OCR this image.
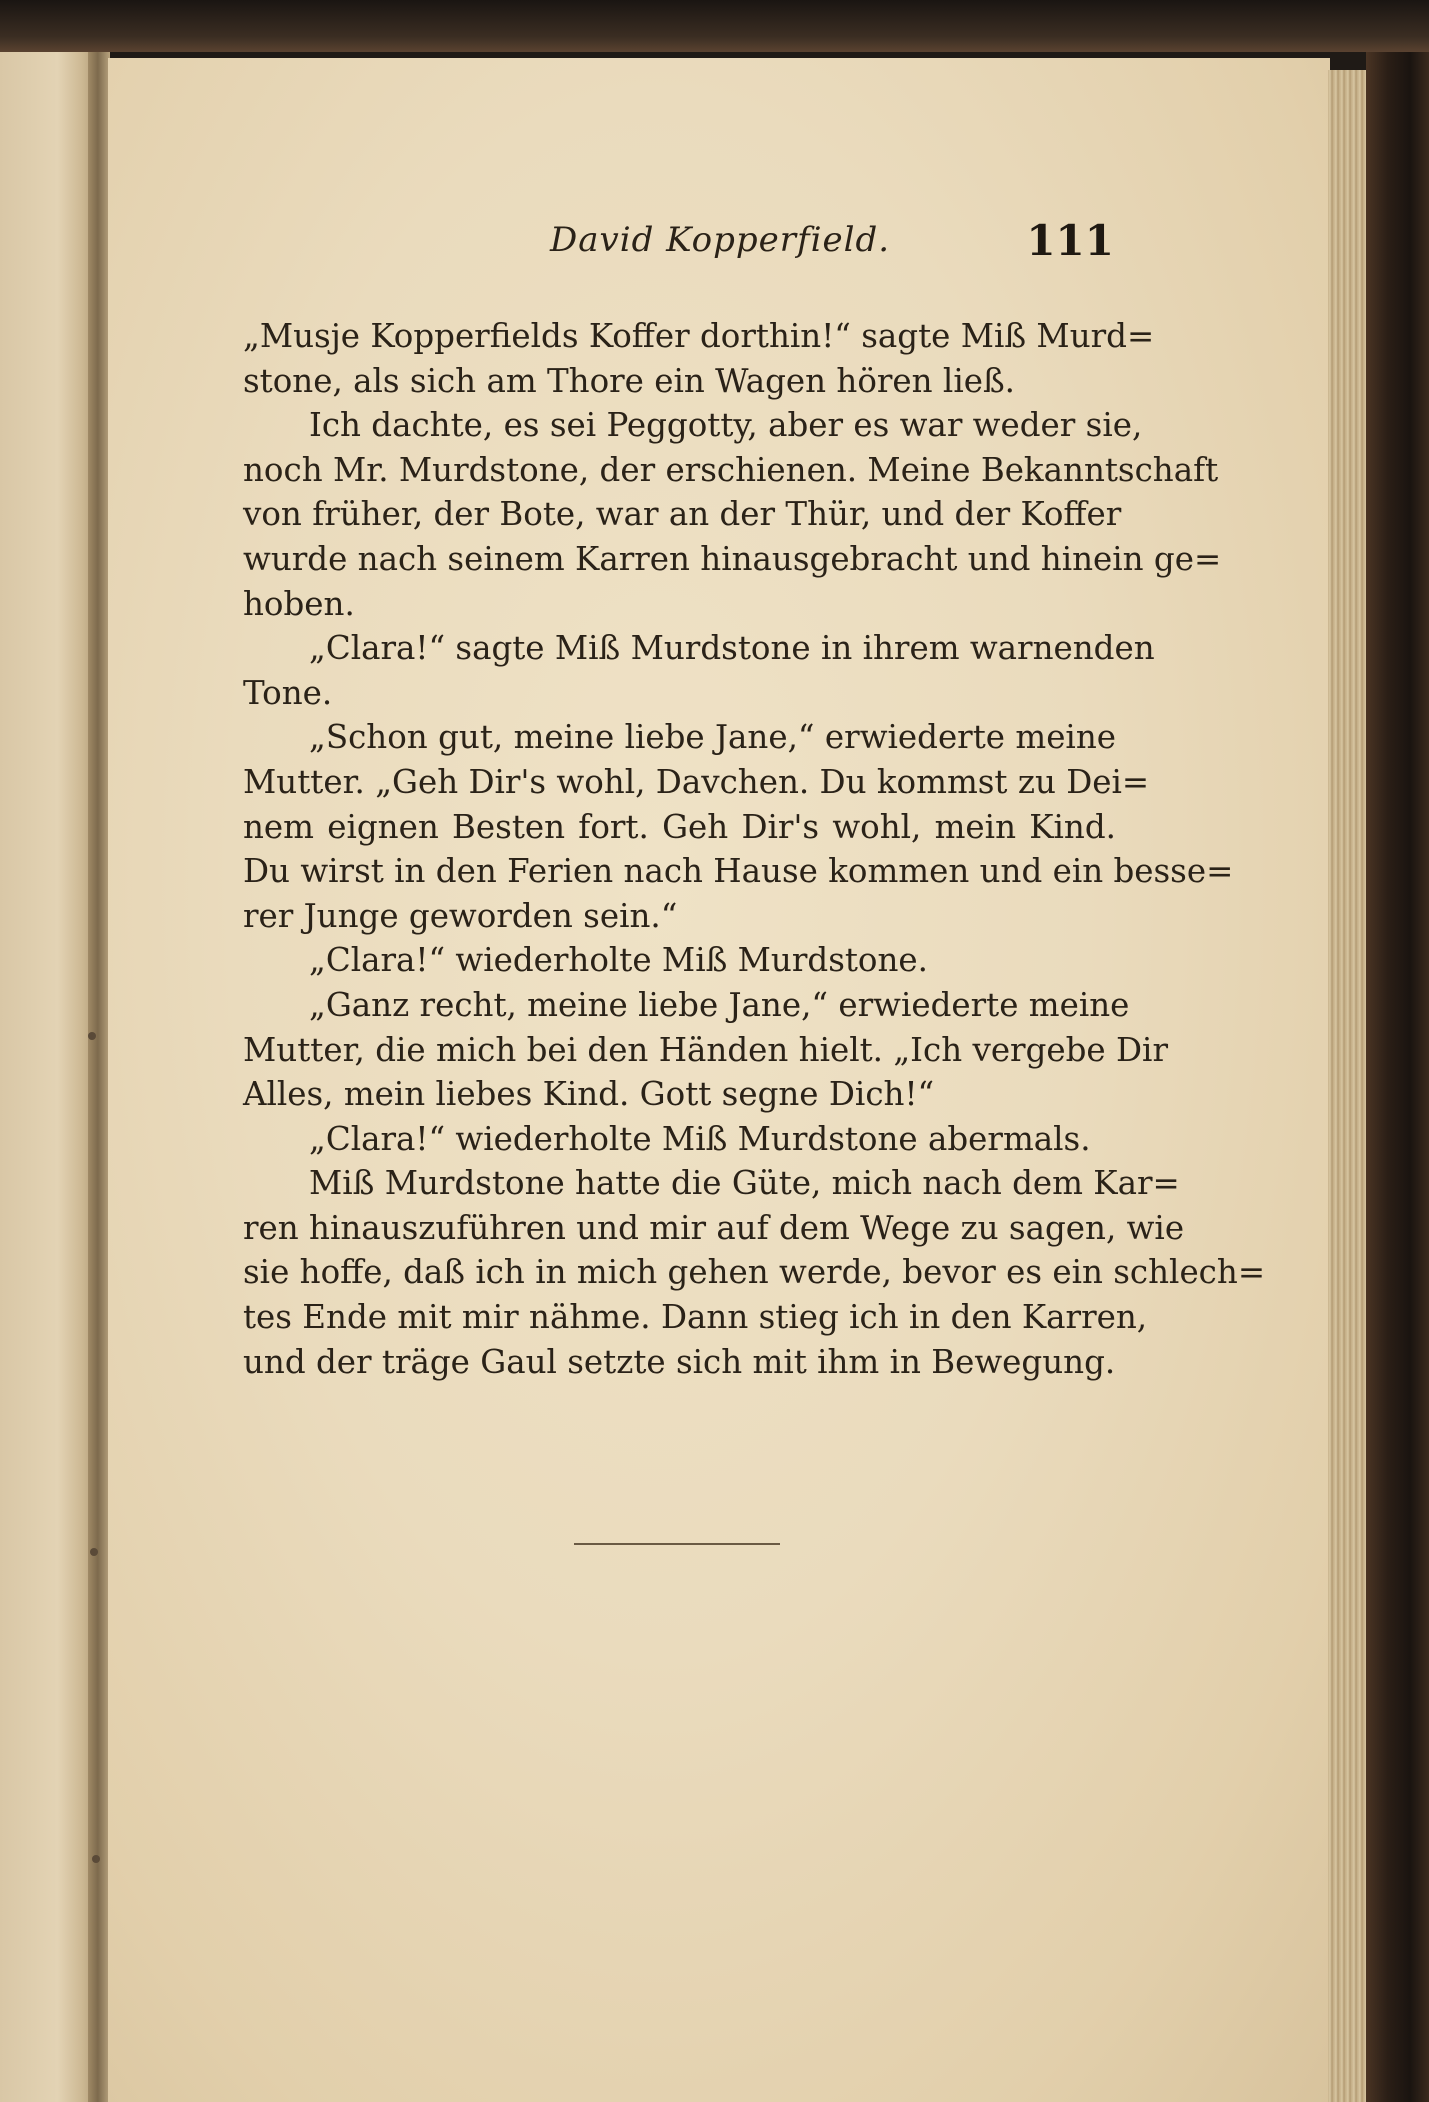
David Kopperfield.	111
„Musje Kopperfields Koffer dorthin!“ sagte Miß Murd=
stone, als sich am Thore ein Wagen hören ließ.
Ich dachte, es sei Peggotty, aber es war weder sie,
noch Mr. Murdstone, der erschienen. Meine Bekanntschaft
von früher, der Bote, war an der Thür, und der Koffer
wurde nach seinem Karren hinausgebracht und hinein ge=
hoben.
„Clara!“ sagte Miß Murdstone in ihrem warnenden
Tone.
„Schon gut, meine liebe Jane,“ erwiederte meine
Mutter. „Geh Dir's wohl, Davchen. Du kommst zu Dei=
nem eignen Besten fort. Geh Dir's wohl, mein Kind.
Du wirst in den Ferien nach Hause kommen und ein besse=
rer Junge geworden sein.“
„Clara!“ wiederholte Miß Murdstone.
„Ganz recht, meine liebe Jane,“ erwiederte meine
Mutter, die mich bei den Händen hielt. „Ich vergebe Dir
Alles, mein liebes Kind. Gott segne Dich!“
„Clara!“ wiederholte Miß Murdstone abermals.
Miß Murdstone hatte die Güte, mich nach dem Kar=
ren hinauszuführen und mir auf dem Wege zu sagen, wie
sie hoffe, daß ich in mich gehen werde, bevor es ein schlech=
tes Ende mit mir nähme. Dann stieg ich in den Karren,
und der träge Gaul setzte sich mit ihm in Bewegung.
